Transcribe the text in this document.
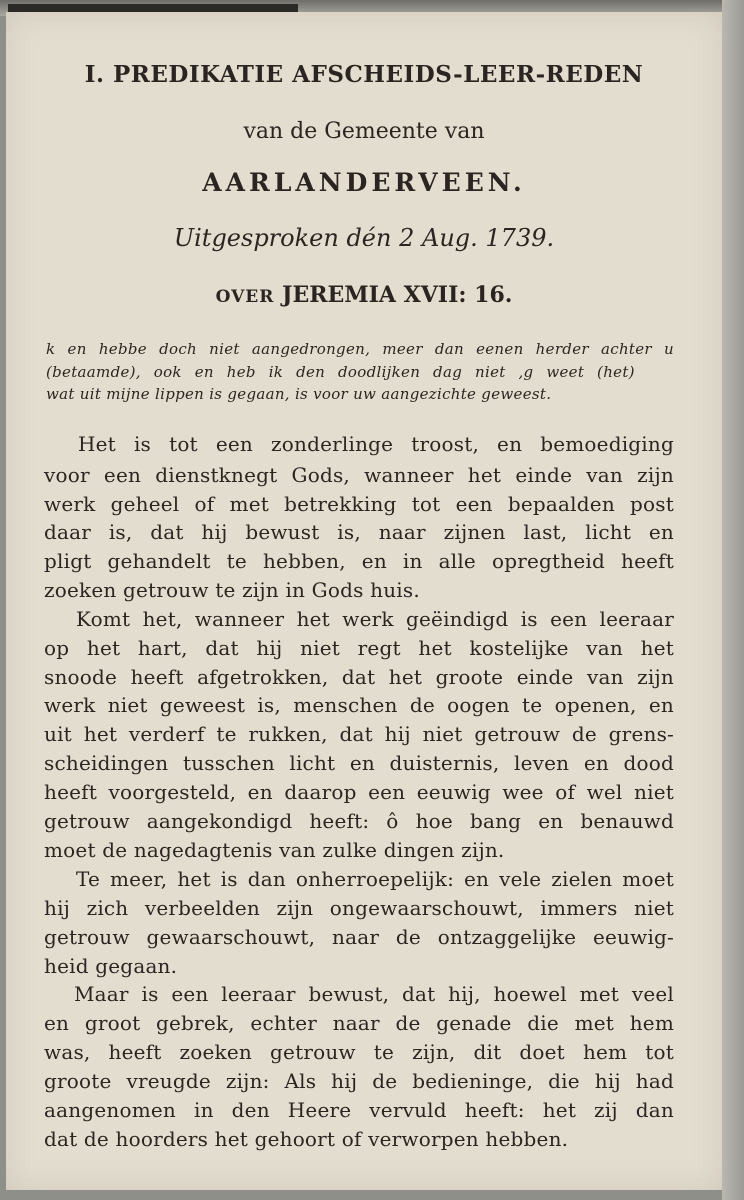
I. PREDIKATIE AFSCHEIDS-LEER-REDEN

van de Gemeente van

AARLANDERVEEN.

Uitgesproken dén 2 Aug. 1739.

OVER JEREMIA XVII: 16.

k en hebbe doch niet aangedrongen, meer dan eenen herder achter u

(betaamde), ook en heb ik den doodlijken dag niet ,g weet (het)

wat uit mijne lippen is gegaan, is voor uw aangezichte geweest.

Het is tot een zonderlinge troost, en bemoediging

voor een dienstknegt Gods, wanneer het einde van zijn

werk geheel of met betrekking tot een bepaalden post

daar is, dat hij bewust is, naar zijnen last, licht en

pligt gehandelt te hebben, en in alle opregtheid heeft

zoeken getrouw te zijn in Gods huis.

Komt het, wanneer het werk geëindigd is een leeraar

op het hart, dat hij niet regt het kostelijke van het

snoode heeft afgetrokken, dat het groote einde van zijn

werk niet geweest is, menschen de oogen te openen, en

uit het verderf te rukken, dat hij niet getrouw de grens-

scheidingen tusschen licht en duisternis, leven en dood

heeft voorgesteld, en daarop een eeuwig wee of wel niet

getrouw aangekondigd heeft: ô hoe bang en benauwd

moet de nagedagtenis van zulke dingen zijn.

Te meer, het is dan onherroepelijk: en vele zielen moet

hij zich verbeelden zijn ongewaarschouwt, immers niet

getrouw gewaarschouwt, naar de ontzaggelijke eeuwig-

heid gegaan.

Maar is een leeraar bewust, dat hij, hoewel met veel

en groot gebrek, echter naar de genade die met hem

was, heeft zoeken getrouw te zijn, dit doet hem tot

groote vreugde zijn: Als hij de bedieninge, die hij had

aangenomen in den Heere vervuld heeft: het zij dan

dat de hoorders het gehoort of verworpen hebben.
